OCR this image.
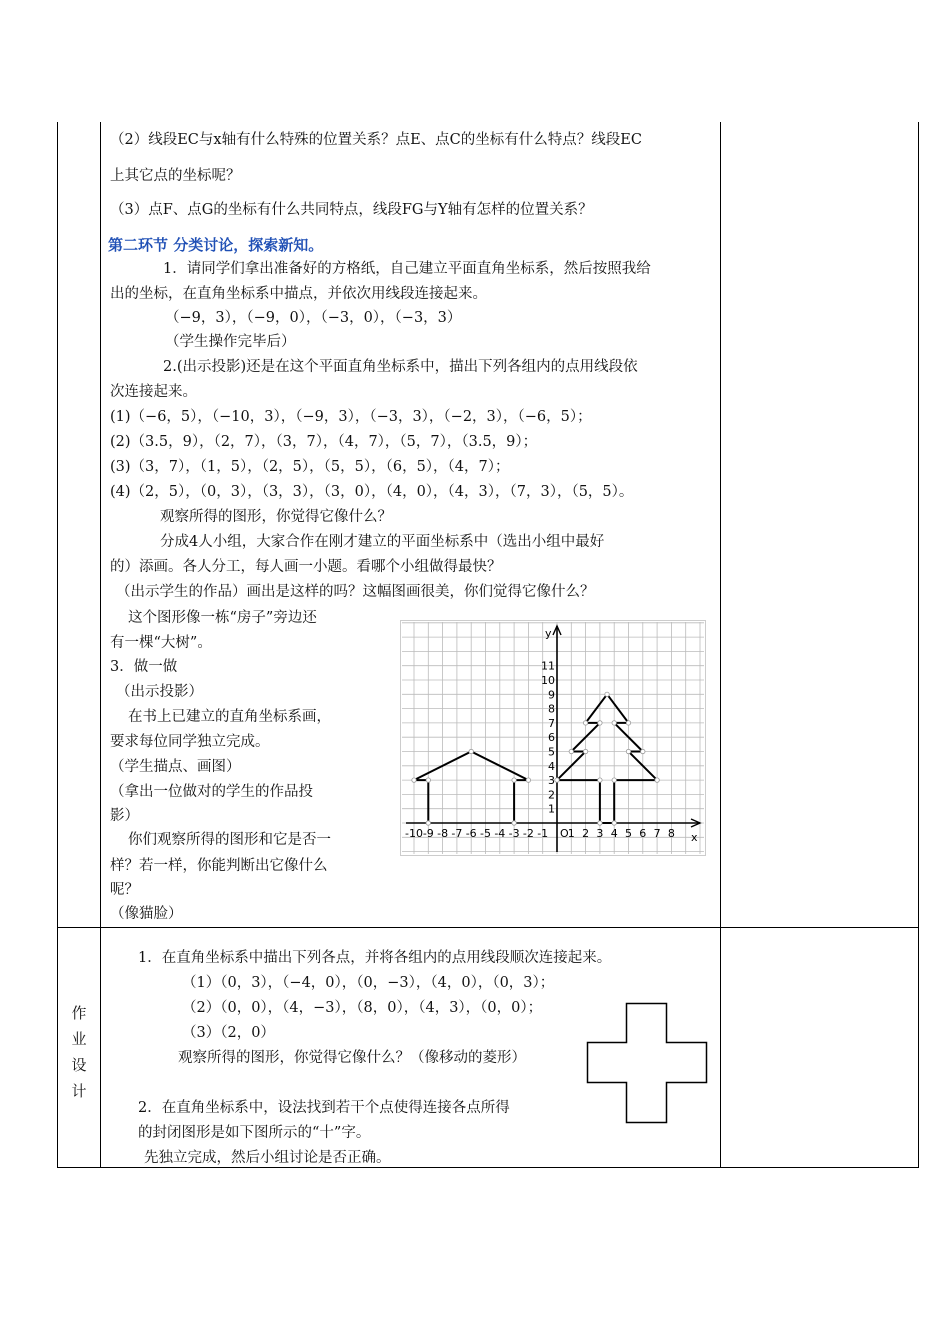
（2）线段EC与x轴有什么特殊的位置关系？点E、点C的坐标有什么特点？线段EC
上其它点的坐标呢？
（3）点F、点G的坐标有什么共同特点，线段FG与Y轴有怎样的位置关系？
第二环节 分类讨论，探索新知。
1．请同学们拿出准备好的方格纸，自己建立平面直角坐标系，然后按照我给
出的坐标，在直角坐标系中描点，并依次用线段连接起来。
（−9，3），（−9，0），（−3，0），（−3，3）
（学生操作完毕后）
2.(出示投影)还是在这个平面直角坐标系中，描出下列各组内的点用线段依
次连接起来。
(1)（−6，5），（−10，3），（−9，3），（−3，3），（−2，3），（−6，5）；
(2)（3.5，9），（2，7），（3，7），（4，7），（5，7），（3.5，9）；
(3)（3，7），（1，5），（2，5），（5，5），（6，5），（4，7）；
(4)（2，5），（0，3），（3，3），（3，0），（4，0），（4，3），（7，3），（5，5）。
观察所得的图形，你觉得它像什么？
分成4人小组，大家合作在刚才建立的平面坐标系中（选出小组中最好
的）添画。各人分工，每人画一小题。看哪个小组做得最快？
（出示学生的作品）画出是这样的吗？这幅图画很美，你们觉得它像什么？
这个图形像一栋“房子”旁边还
有一棵“大树”。
3．做一做
（出示投影）
在书上已建立的直角坐标系画，
要求每位同学独立完成。
（学生描点、画图）
（拿出一位做对的学生的作品投
影）
你们观察所得的图形和它是否一
样？若一样，你能判断出它像什么
呢？
（像猫脸）
-10 -9 -8 -7 -6 -5 -4 -3 -2 -1 1 2 3 4 5 6 7 8
1
2
3
4
5
6
7
8
9
10
11
O
y
x
作
业
设
计
1．在直角坐标系中描出下列各点，并将各组内的点用线段顺次连接起来。
（1）（0，3），（−4，0），（0，−3），（4，0），（0，3）；
（2）（0，0），（4，−3），（8，0），（4，3），（0，0）；
（3）（2，0）
观察所得的图形，你觉得它像什么？（像移动的菱形）
2．在直角坐标系中，设法找到若干个点使得连接各点所得
的封闭图形是如下图所示的“十”字。
先独立完成，然后小组讨论是否正确。
